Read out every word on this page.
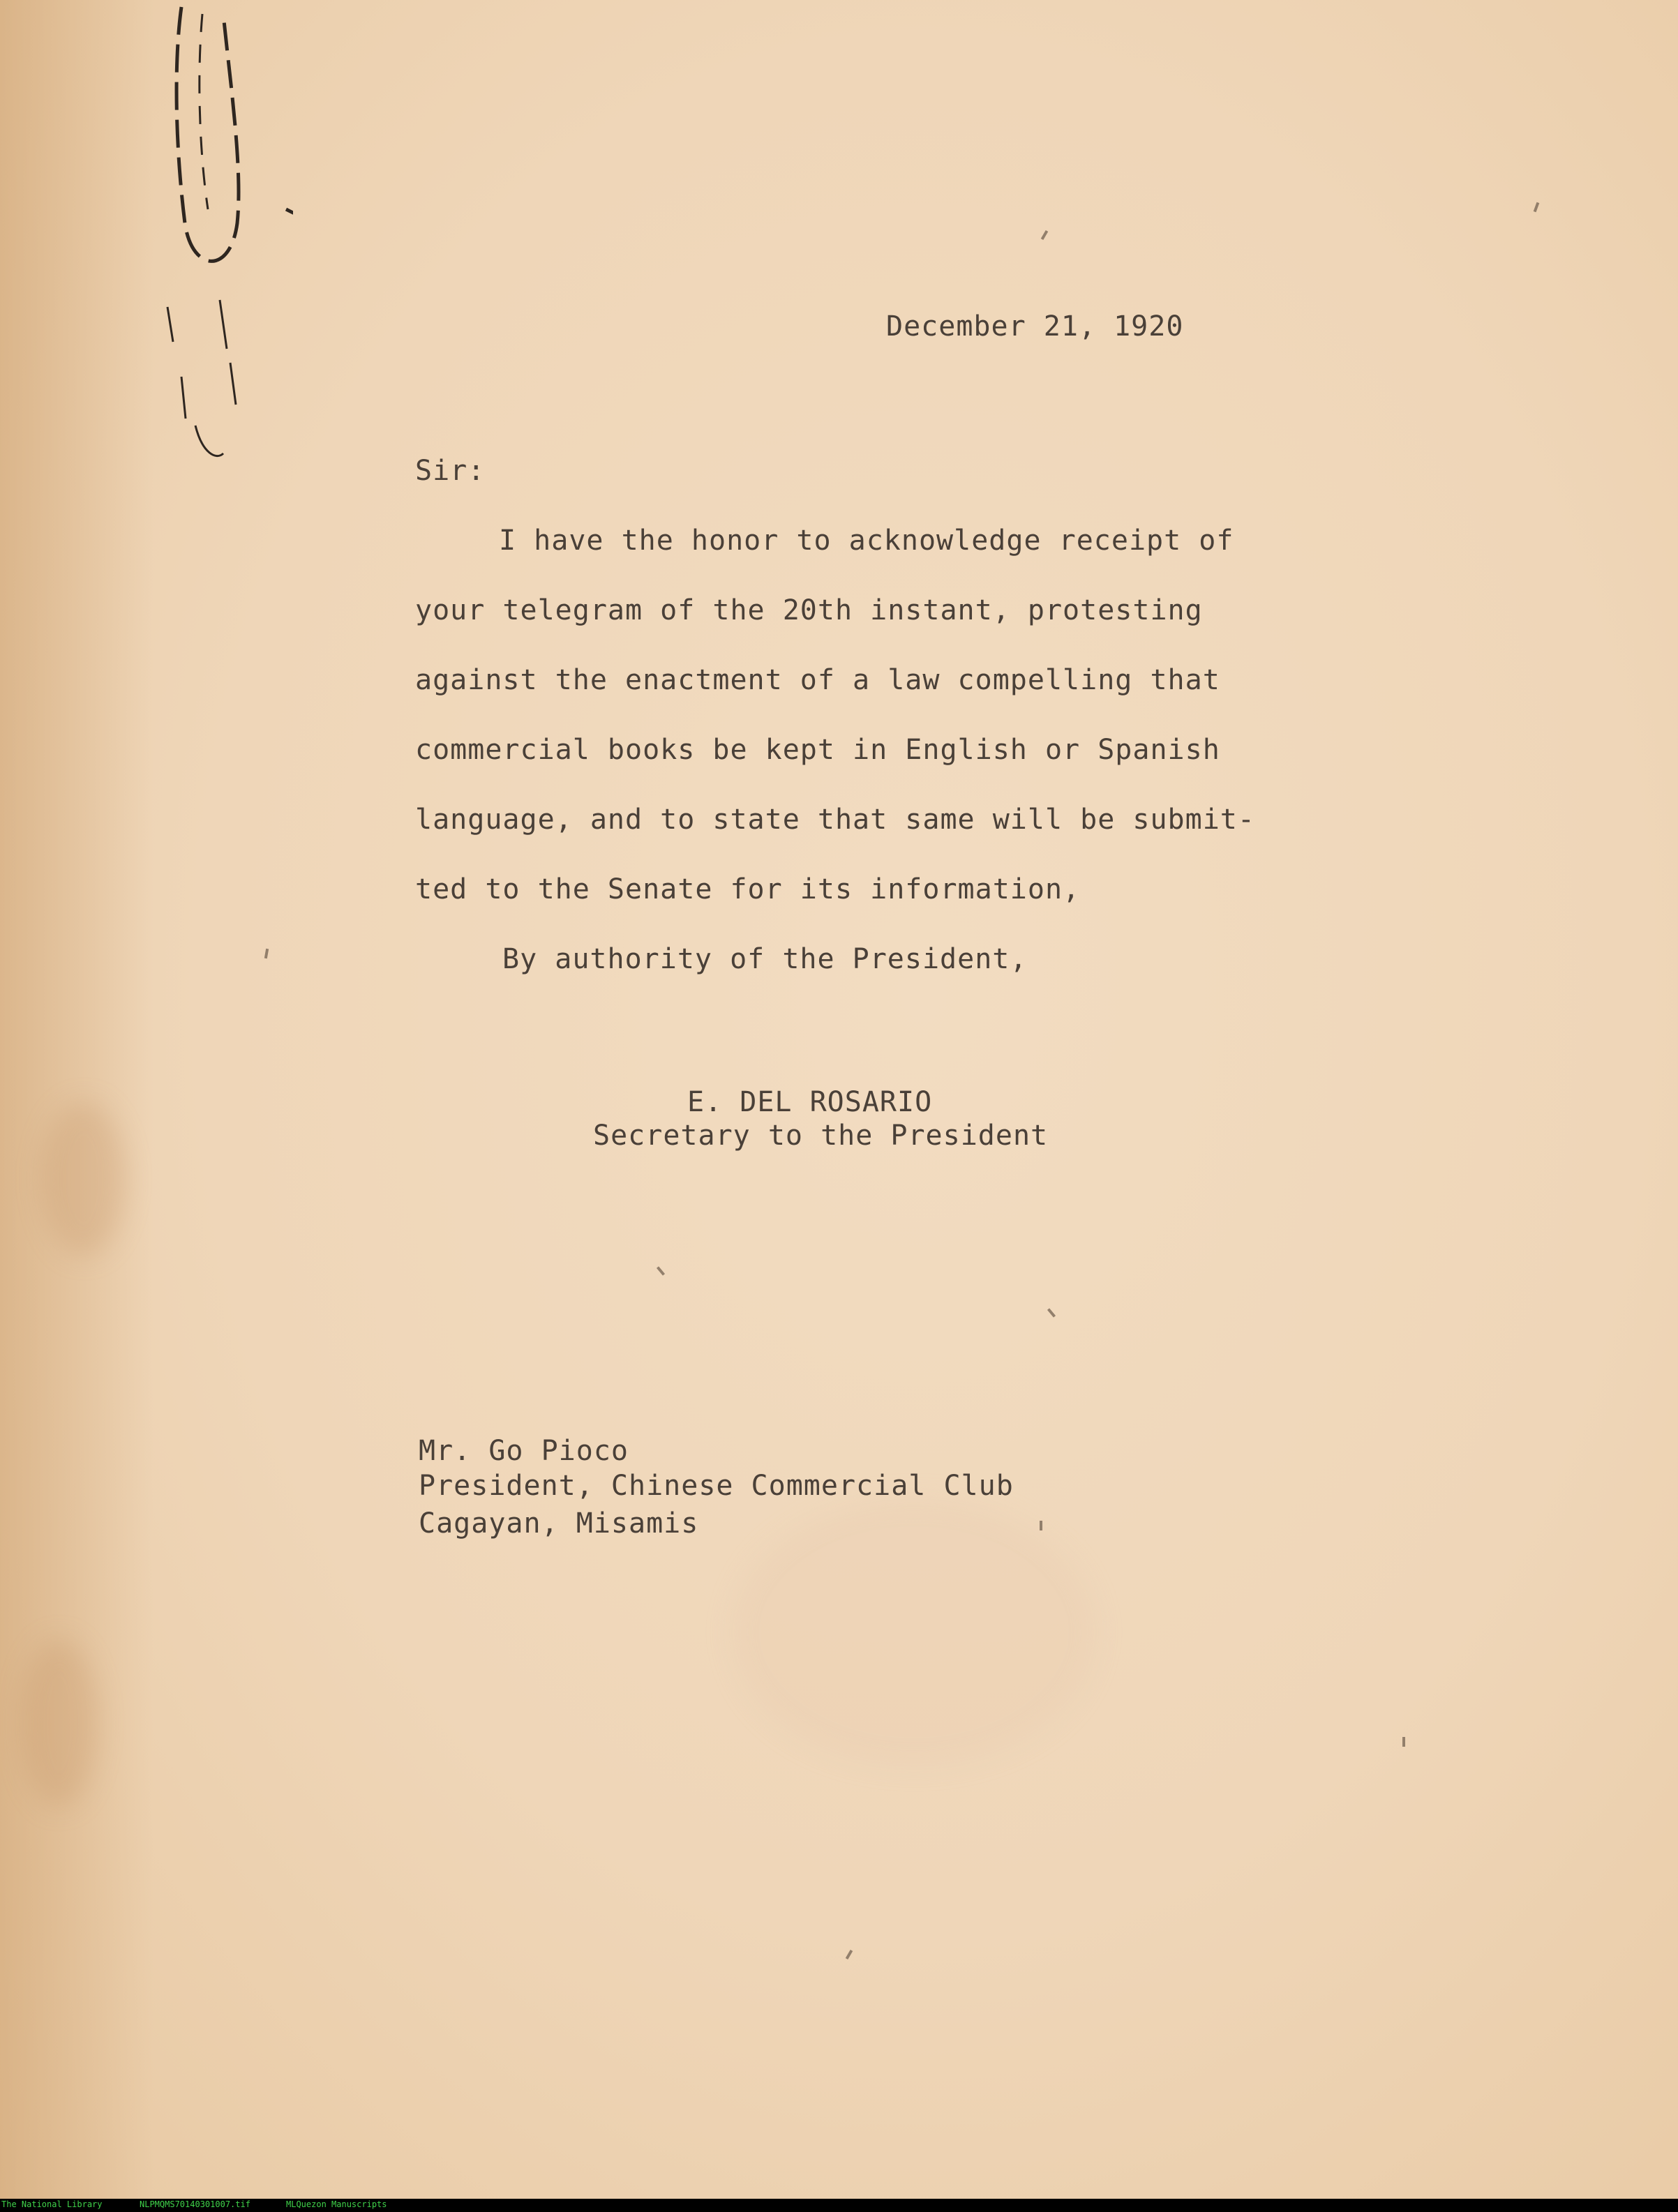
December 21, 1920
Sir:
I have the honor to acknowledge receipt of
your telegram of the 20th instant, protesting
against the enactment of a law compelling that
commercial books be kept in English or Spanish
language, and to state that same will be submit-
ted to the Senate for its information,
By authority of the President,
E. DEL ROSARIO
Secretary to the President
Mr. Go Pioco
President, Chinese Commercial Club
Cagayan, Misamis
The National Library	NLPMQMS70140301007.tif	MLQuezon Manuscripts
